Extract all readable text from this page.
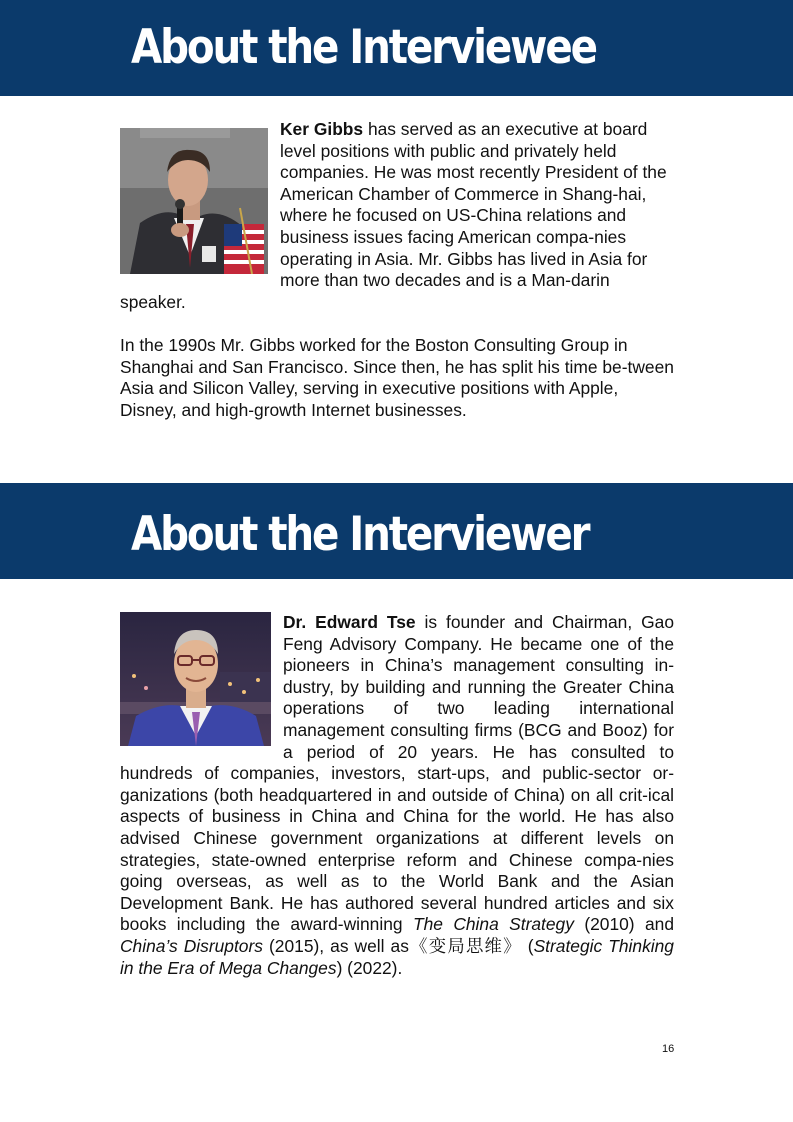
About the Interviewee

Ker Gibbs has served as an executive at board level positions with public and privately held companies. He was most recently President of the American Chamber of Commerce in Shang-hai, where he focused on US-China relations and business issues facing American compa-nies operating in Asia. Mr. Gibbs has lived in Asia for more than two decades and is a Man-darin speaker.

In the 1990s Mr. Gibbs worked for the Boston Consulting Group in Shanghai and San Francisco. Since then, he has split his time be-tween Asia and Silicon Valley, serving in executive positions with Apple, Disney, and high-growth Internet businesses.

About the Interviewer

Dr. Edward Tse is founder and Chairman, Gao Feng Advisory Company. He became one of the pioneers in China’s management consulting in-dustry, by building and running the Greater China operations of two leading international management consulting firms (BCG and Booz) for a period of 20 years. He has consulted to hundreds of companies, investors, start-ups, and public-sector or-ganizations (both headquartered in and outside of China) on all crit-ical aspects of business in China and China for the world. He has also advised Chinese government organizations at different levels on strategies, state-owned enterprise reform and Chinese compa-nies going overseas, as well as to the World Bank and the Asian Development Bank. He has authored several hundred articles and six books including the award-winning The China Strategy (2010) and China’s Disruptors (2015), as well as《变局思维》 (Strategic Thinking in the Era of Mega Changes) (2022).

16
